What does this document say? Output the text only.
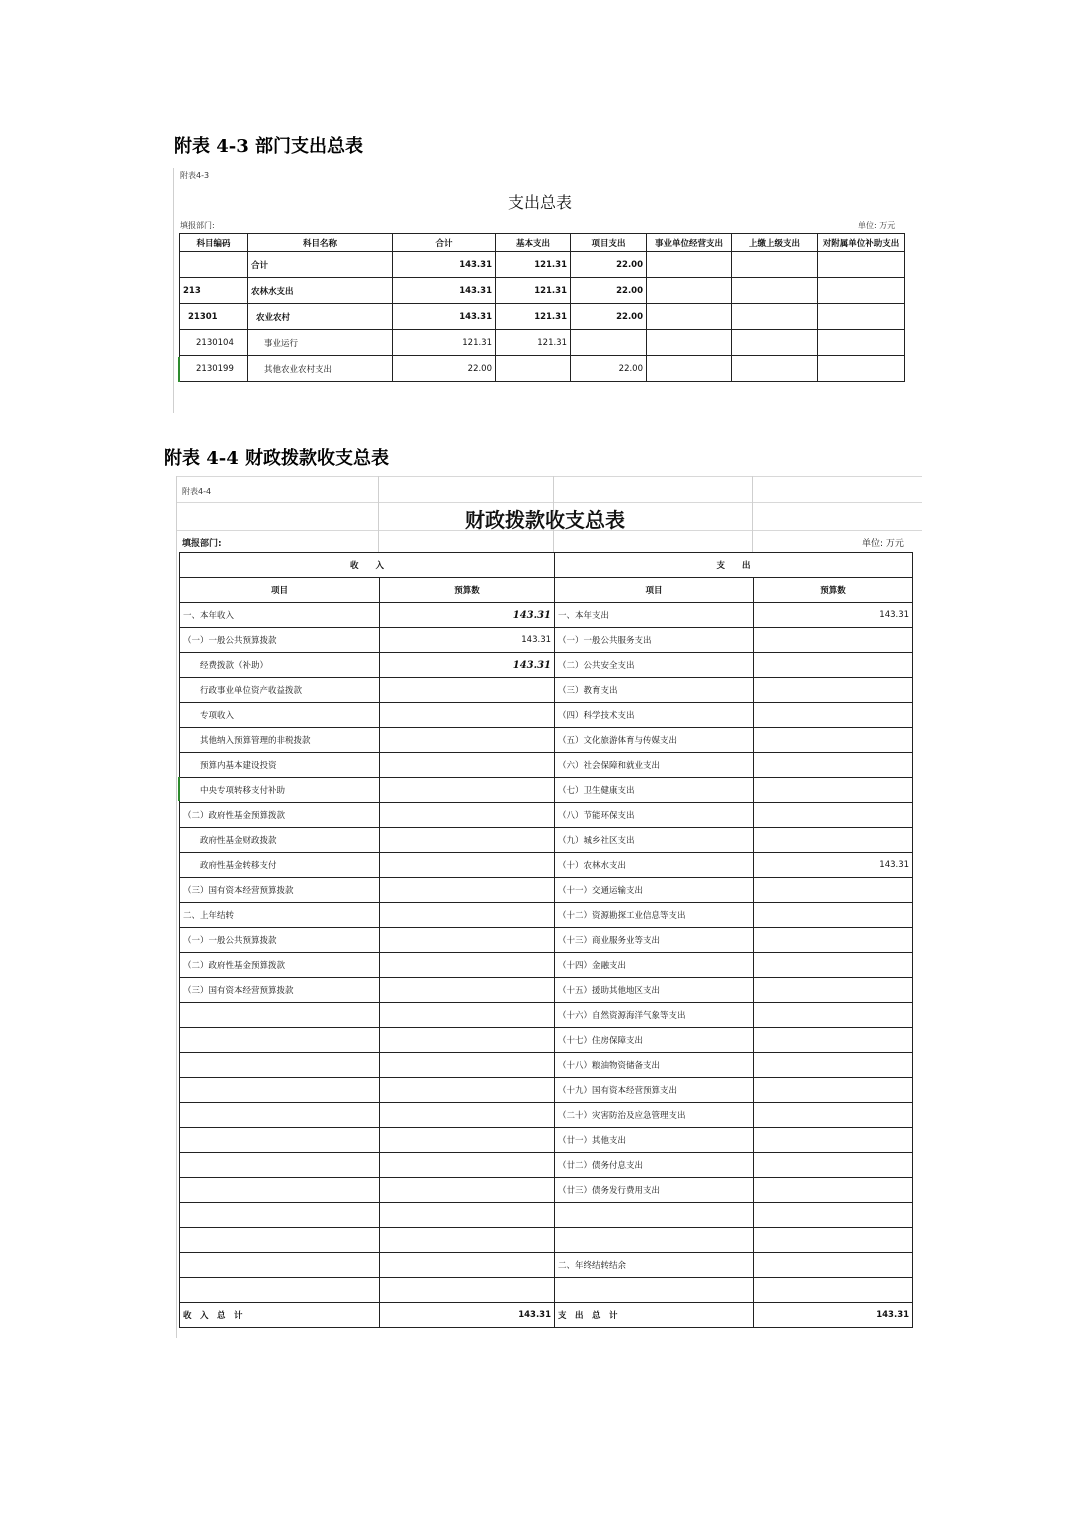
附表 4-3 部门支出总表
附表4-3
支出总表
填报部门:	单位: 万元
科目编码	科目名称	合计	基本支出	项目支出	事业单位经营支出	上缴上级支出	对附属单位补助支出
	合计	143.31	121.31	22.00			
213	农林水支出	143.31	121.31	22.00			
21301	农业农村	143.31	121.31	22.00			
2130104	事业运行	121.31	121.31				
2130199	其他农业农村支出	22.00		22.00			
附表 4-4 财政拨款收支总表
附表4-4
财政拨款收支总表
填报部门:	单位: 万元
收　　入		支　　出	
项目	预算数	项目	预算数
一、本年收入	143.31	一、本年支出	143.31
（一）一般公共预算拨款	143.31	（一）一般公共服务支出	
经费拨款（补助）	143.31	（二）公共安全支出	
行政事业单位资产收益拨款		（三）教育支出	
专项收入		（四）科学技术支出	
其他纳入预算管理的非税拨款		（五）文化旅游体育与传媒支出	
预算内基本建设投资		（六）社会保障和就业支出	
中央专项转移支付补助		（七）卫生健康支出	
（二）政府性基金预算拨款		（八）节能环保支出	
政府性基金财政拨款		（九）城乡社区支出	
政府性基金转移支付		（十）农林水支出	143.31
（三）国有资本经营预算拨款		（十一）交通运输支出	
二、上年结转		（十二）资源勘探工业信息等支出	
（一）一般公共预算拨款		（十三）商业服务业等支出	
（二）政府性基金预算拨款		（十四）金融支出	
（三）国有资本经营预算拨款		（十五）援助其他地区支出	
		（十六）自然资源海洋气象等支出	
		（十七）住房保障支出	
		（十八）粮油物资储备支出	
		（十九）国有资本经营预算支出	
		（二十）灾害防治及应急管理支出	
		（廿一）其他支出	
		（廿二）债务付息支出	
		（廿三）债务发行费用支出	

		二、年终结转结余	

收　入　总　计	143.31	支　出　总　计	143.31
